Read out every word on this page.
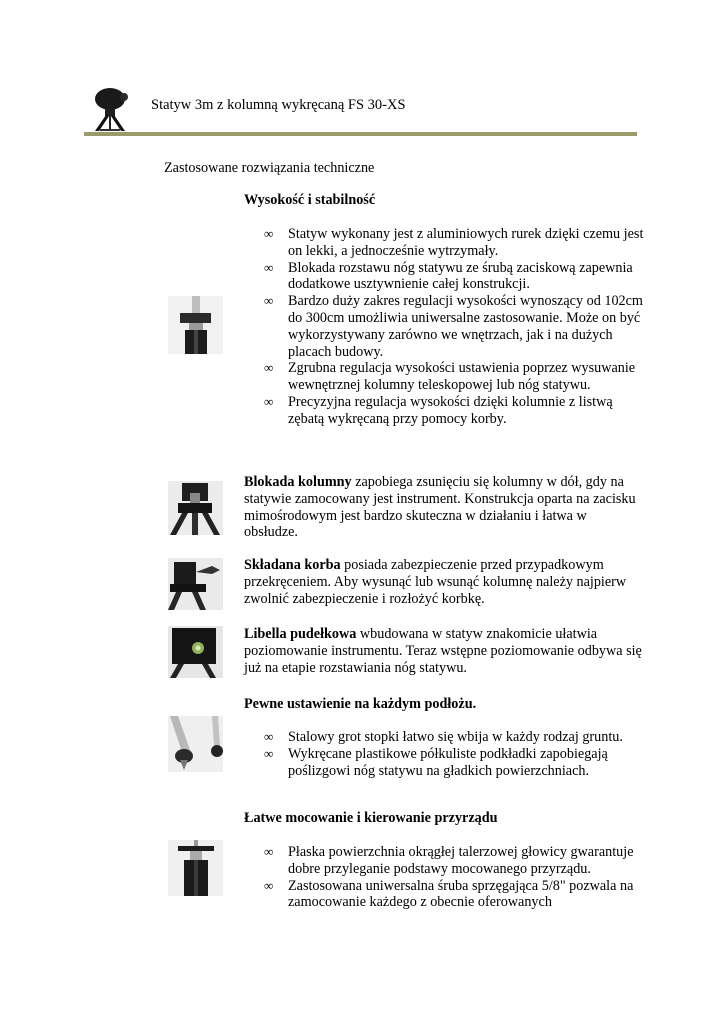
Statyw 3m z kolumną wykręcaną FS 30-XS
Zastosowane rozwiązania techniczne
Wysokość i stabilność
∞ Statyw wykonany jest z aluminiowych rurek dzięki czemu jest on lekki, a jednocześnie wytrzymały.
∞ Blokada rozstawu nóg statywu ze śrubą zaciskową zapewnia dodatkowe usztywnienie całej konstrukcji.
∞ Bardzo duży zakres regulacji wysokości wynoszący od 102cm do 300cm umożliwia uniwersalne zastosowanie. Może on być wykorzystywany zarówno we wnętrzach, jak i na dużych placach budowy.
∞ Zgrubna regulacja wysokości ustawienia poprzez wysuwanie wewnętrznej kolumny teleskopowej lub nóg statywu.
∞ Precyzyjna regulacja wysokości dzięki kolumnie z listwą zębatą wykręcaną przy pomocy korby.

Blokada kolumny zapobiega zsunięciu się kolumny w dół, gdy na statywie zamocowany jest instrument. Konstrukcja oparta na zacisku mimośrodowym jest bardzo skuteczna w działaniu i łatwa w obsłudze.

Składana korba posiada zabezpieczenie przed przypadkowym przekręceniem. Aby wysunąć lub wsunąć kolumnę należy najpierw zwolnić zabezpieczenie i rozłożyć korbkę.

Libella pudełkowa wbudowana w statyw znakomicie ułatwia poziomowanie instrumentu. Teraz wstępne poziomowanie odbywa się już na etapie rozstawiania nóg statywu.

Pewne ustawienie na każdym podłożu.
∞ Stalowy grot stopki łatwo się wbija w każdy rodzaj gruntu.
∞ Wykręcane plastikowe półkuliste podkładki zapobiegają poślizgowi nóg statywu na gładkich powierzchniach.
Łatwe mocowanie i kierowanie przyrządu
∞ Płaska powierzchnia okrągłej talerzowej głowicy gwarantuje dobre przyleganie podstawy mocowanego przyrządu.
∞ Zastosowana uniwersalna śruba sprzęgająca 5/8" pozwala na zamocowanie każdego z obecnie oferowanych
